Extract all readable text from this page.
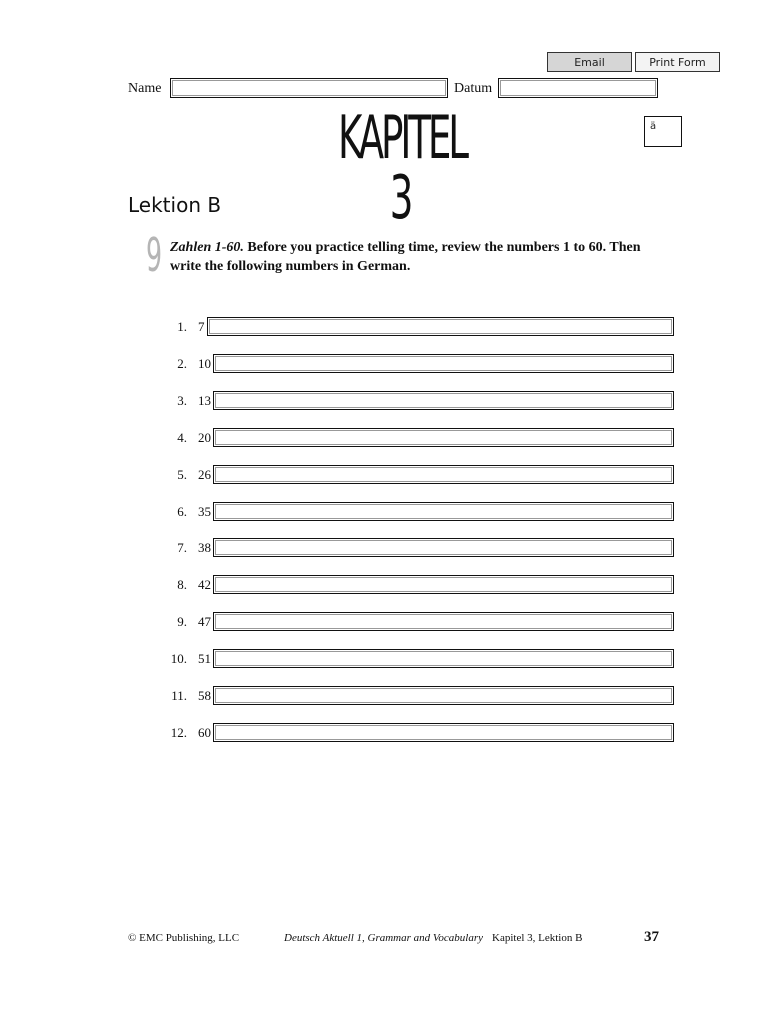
Email	Print Form
Name	Datum
KAPITEL 3
ä
Lektion B
9 Zahlen 1-60. Before you practice telling time, review the numbers 1 to 60. Then write the following numbers in German.
1. 7
2. 10
3. 13
4. 20
5. 26
6. 35
7. 38
8. 42
9. 47
10. 51
11. 58
12. 60
© EMC Publishing, LLC	Deutsch Aktuell 1, Grammar and Vocabulary Kapitel 3, Lektion B	37
